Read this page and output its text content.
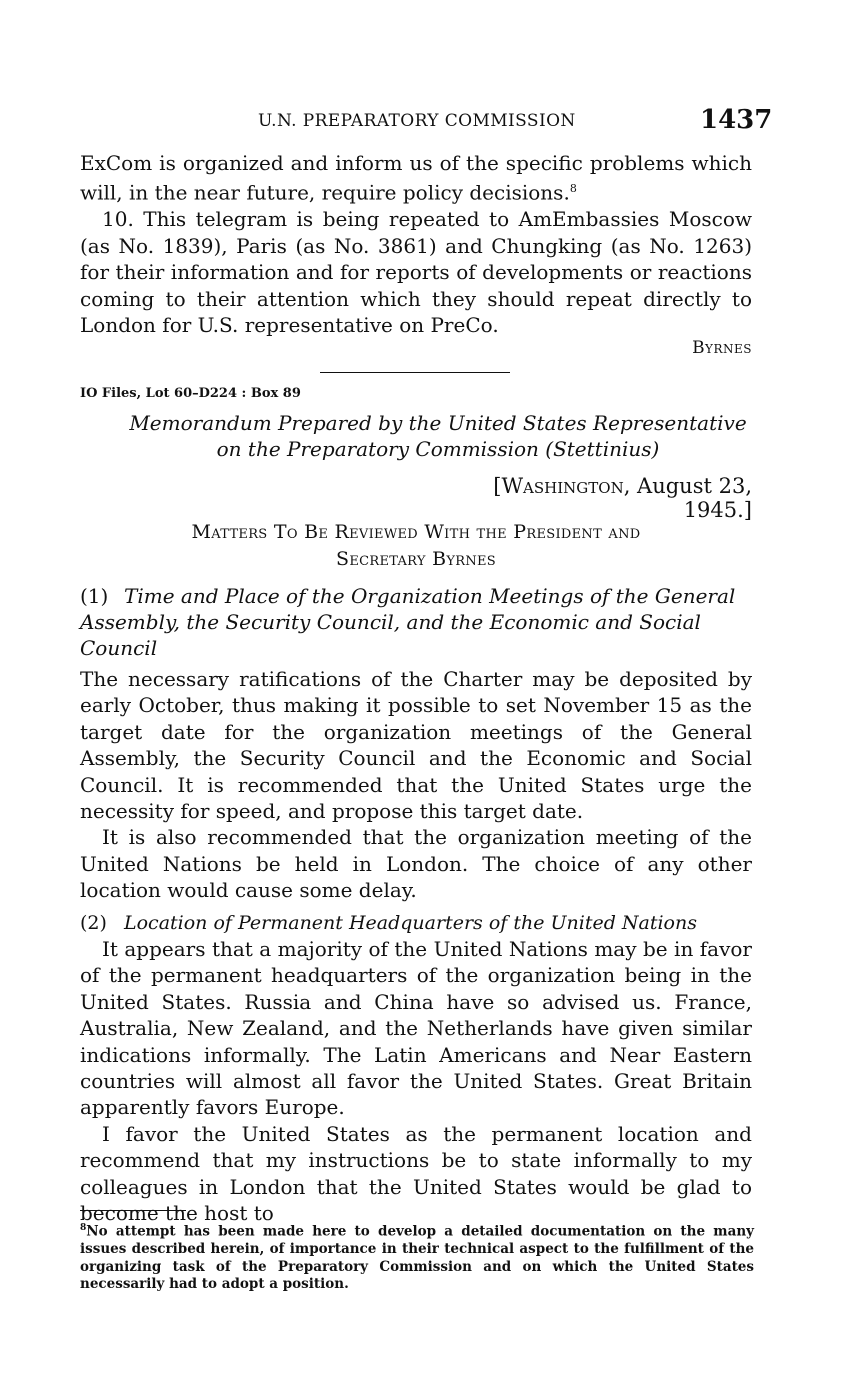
U.N. PREPARATORY COMMISSION	1437

ExCom is organized and inform us of the specific problems which will, in the near future, require policy decisions.$^8$

10. This telegram is being repeated to AmEmbassies Moscow (as No. 1839), Paris (as No. 3861) and Chungking (as No. 1263) for their information and for reports of developments or reactions coming to their attention which they should repeat directly to London for U.S. representative on PreCo.

Byrnes
IO Files, Lot 60–D224 : Box 89
Memorandum Prepared by the United States Representative
on the Preparatory Commission (Stettinius)
[Washington, August 23, 1945.]
Matters To Be Reviewed With the President and
Secretary Byrnes
(1) Time and Place of the Organization Meetings of the General Assembly, the Security Council, and the Economic and Social Council

The necessary ratifications of the Charter may be deposited by early October, thus making it possible to set November 15 as the target date for the organization meetings of the General Assembly, the Security Council and the Economic and Social Council. It is recommended that the United States urge the necessity for speed, and propose this target date.

It is also recommended that the organization meeting of the United Nations be held in London. The choice of any other location would cause some delay.

(2) Location of Permanent Headquarters of the United Nations

It appears that a majority of the United Nations may be in favor of the permanent headquarters of the organization being in the United States. Russia and China have so advised us. France, Australia, New Zealand, and the Netherlands have given similar indications informally. The Latin Americans and Near Eastern countries will almost all favor the United States. Great Britain apparently favors Europe.

I favor the United States as the permanent location and recommend that my instructions be to state informally to my colleagues in London that the United States would be glad to become the host to

$^8$No attempt has been made here to develop a detailed documentation on the many issues described herein, of importance in their technical aspect to the fulfillment of the organizing task of the Preparatory Commission and on which the United States necessarily had to adopt a position.
